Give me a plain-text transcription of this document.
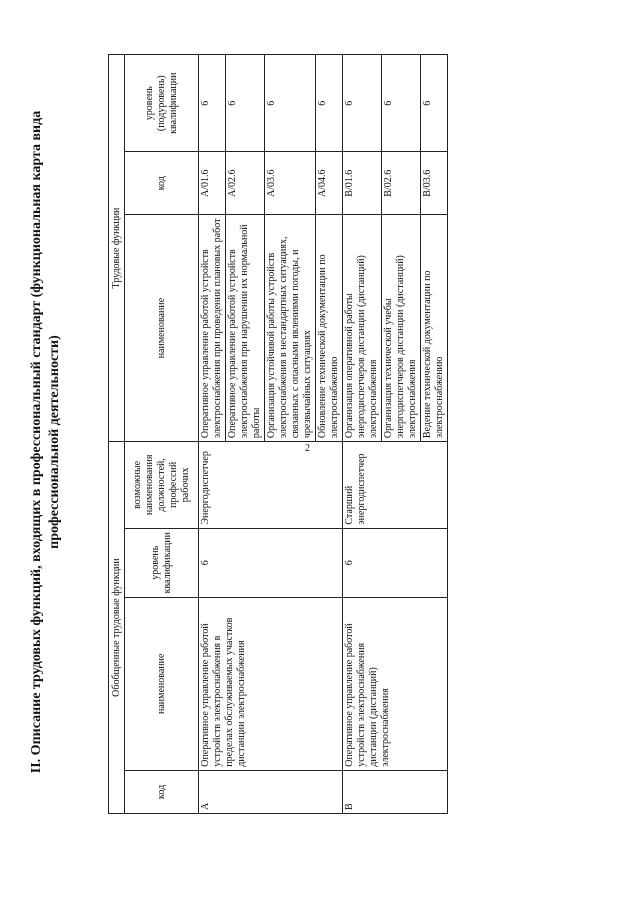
2
II. Описание трудовых функций, входящих в профессиональный стандарт (функциональная карта вида профессиональной деятельности)
Обобщенные трудовые функции				Трудовые функции		
код	наименование	уровень квалификации	возможные наименования должностей, профессий рабочих	наименование	код	уровень (подуровень) квалификации
A	Оперативное управление работой устройств электроснабжения в пределах обслуживаемых участков дистанции электроснабжения	6	Энергодиспетчер	Оперативное управление работой устройств электроснабжения при проведении плановых работ	A/01.6	6
				Оперативное управление работой устройств электроснабжения при нарушении их нормальной работы	A/02.6	6
				Организация устойчивой работы устройств электроснабжения в нестандартных ситуациях, связанных с опасными явлениями погоды, и чрезвычайных ситуациях	A/03.6	6
				Обновление технической документации по электроснабжению	A/04.6	6
B	Оперативное управление работой устройств электроснабжения дистанции (дистанций) электроснабжения	6	Старший энергодиспетчер	Организация оперативной работы энергодиспетчеров дистанции (дистанций) электроснабжения	B/01.6	6
				Организация технической учебы энергодиспетчеров дистанции (дистанций) электроснабжения	B/02.6	6
				Ведение технической документации по электроснабжению	B/03.6	6
